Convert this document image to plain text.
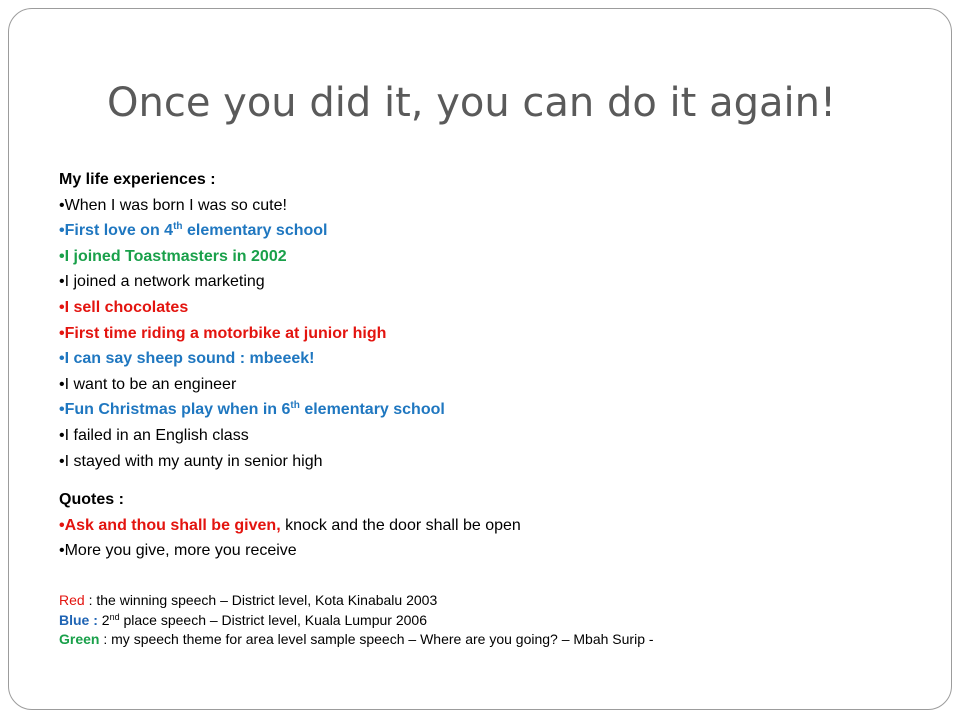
Once you did it, you can do it again!
My life experiences :
•When I was born I was so cute!
•First love on 4th elementary school
•I joined Toastmasters in 2002
•I joined a network marketing
•I sell chocolates
•First time riding a motorbike at junior high
•I can say sheep sound : mbeeek!
•I want to be an engineer
•Fun Christmas play when in 6th elementary school
•I failed in an English class
•I stayed with my aunty in senior high
Quotes :
•Ask and thou shall be given, knock and the door shall be open
•More you give, more you receive
Red : the winning speech – District level, Kota Kinabalu 2003
Blue : 2nd place speech – District level, Kuala Lumpur 2006
Green : my speech theme for area level sample speech – Where are you going? – Mbah Surip -
